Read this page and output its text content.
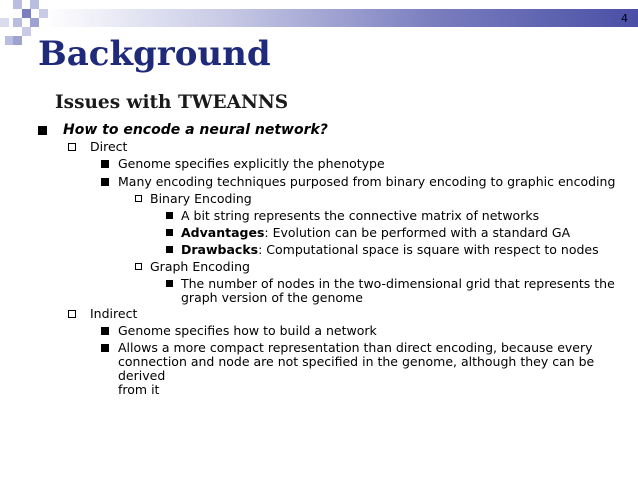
4
Background
Issues with TWEANNS
How to encode a neural network?
Direct
Genome specifies explicitly the phenotype
Many encoding techniques purposed from binary encoding to graphic encoding
Binary Encoding
A bit string represents the connective matrix of networks
Advantages: Evolution can be performed with a standard GA
Drawbacks: Computational space is square with respect to nodes
Graph Encoding
The number of nodes in the two-dimensional grid that represents the
graph version of the genome
Indirect
Genome specifies how to build a network
Allows a more compact representation than direct encoding, because every
connection and node are not specified in the genome, although they can be derived
from it
